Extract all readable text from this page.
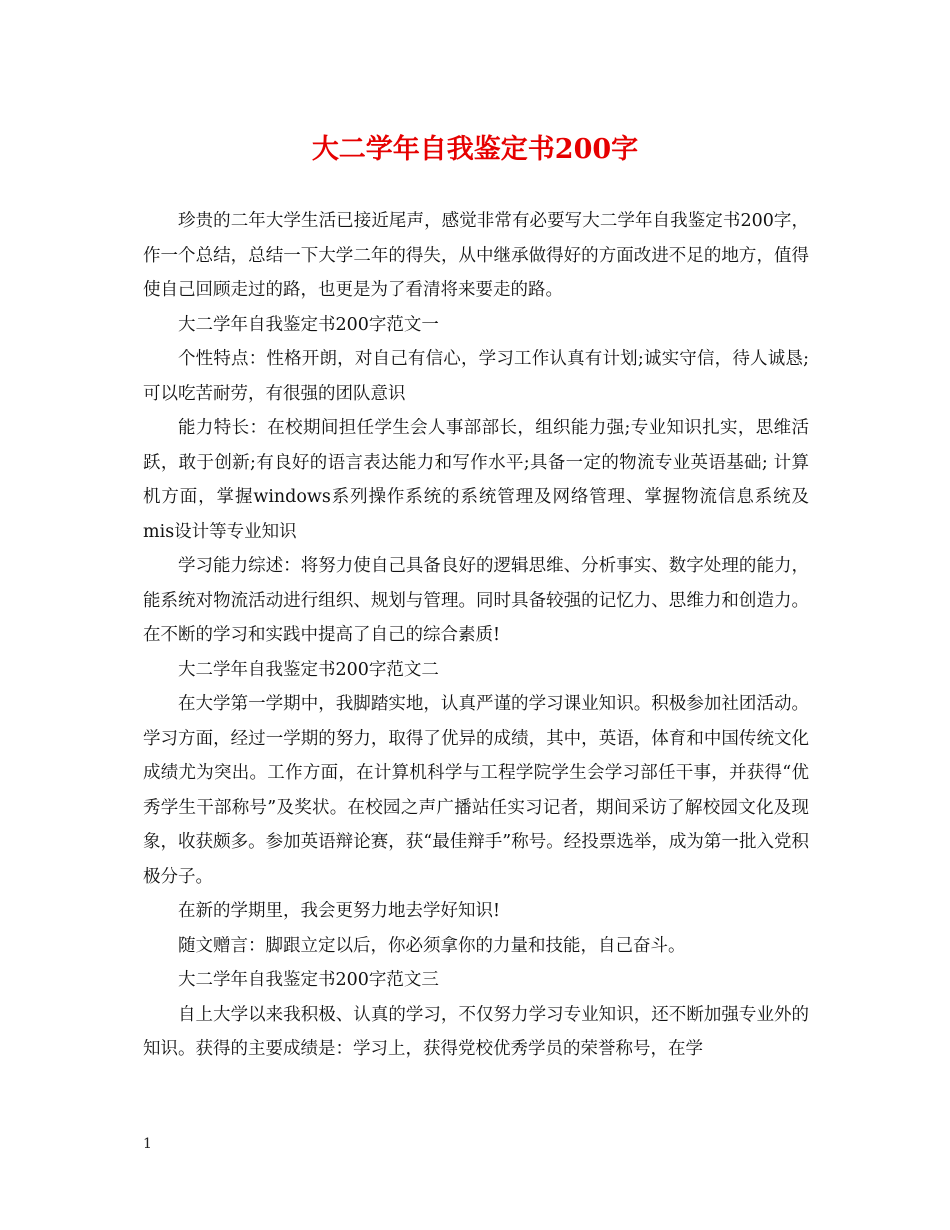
大二学年自我鉴定书200字

珍贵的二年大学生活已接近尾声，感觉非常有必要写大二学年自我鉴定书200字，作一个总结，总结一下大学二年的得失，从中继承做得好的方面改进不足的地方，值得使自己回顾走过的路，也更是为了看清将来要走的路。

大二学年自我鉴定书200字范文一

个性特点：性格开朗，对自己有信心，学习工作认真有计划;诚实守信，待人诚恳;可以吃苦耐劳，有很强的团队意识

能力特长：在校期间担任学生会人事部部长，组织能力强;专业知识扎实，思维活跃，敢于创新;有良好的语言表达能力和写作水平;具备一定的物流专业英语基础; 计算机方面，掌握windows系列操作系统的系统管理及网络管理、掌握物流信息系统及mis设计等专业知识

学习能力综述：将努力使自己具备良好的逻辑思维、分析事实、数字处理的能力，能系统对物流活动进行组织、规划与管理。同时具备较强的记忆力、思维力和创造力。在不断的学习和实践中提高了自己的综合素质!

大二学年自我鉴定书200字范文二

在大学第一学期中，我脚踏实地，认真严谨的学习课业知识。积极参加社团活动。学习方面，经过一学期的努力，取得了优异的成绩，其中，英语，体育和中国传统文化成绩尤为突出。工作方面，在计算机科学与工程学院学生会学习部任干事，并获得“优秀学生干部称号”及奖状。在校园之声广播站任实习记者，期间采访了解校园文化及现象，收获颇多。参加英语辩论赛，获“最佳辩手”称号。经投票选举，成为第一批入党积极分子。

在新的学期里，我会更努力地去学好知识!

随文赠言：脚跟立定以后，你必须拿你的力量和技能，自己奋斗。

大二学年自我鉴定书200字范文三

自上大学以来我积极、认真的学习，不仅努力学习专业知识，还不断加强专业外的知识。获得的主要成绩是：学习上，获得党校优秀学员的荣誉称号，在学

1
